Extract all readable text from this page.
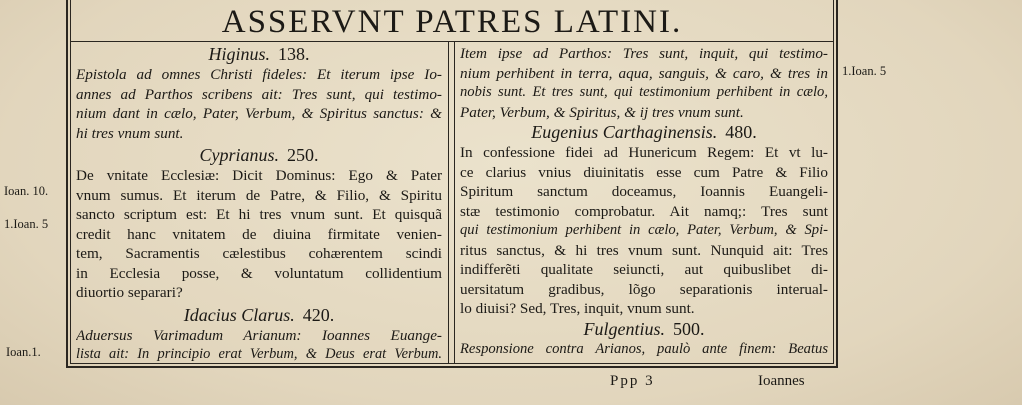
ASSERVNT PATRES LATINI.
Higinus. 138.
Epistola ad omnes Christi fideles: Et iterum ipse Io-
annes ad Parthos scribens ait: Tres sunt, qui testimo-
nium dant in cælo, Pater, Verbum, & Spiritus sanctus: &
hi tres vnum sunt.
Cyprianus. 250.
De vnitate Ecclesiæ: Dicit Dominus: Ego & Pater
vnum sumus. Et iterum de Patre, & Filio, & Spiritu
sancto scriptum est: Et hi tres vnum sunt. Et quisquã
credit hanc vnitatem de diuina firmitate venien-
tem, Sacramentis cælestibus cohærentem scindi
in Ecclesia posse, & voluntatum collidentium
diuortio separari?
Idacius Clarus. 420.
Aduersus Varimadum Arianum: Ioannes Euange-
lista ait: In principio erat Verbum, & Deus erat Verbum.
Item ipse ad Parthos: Tres sunt, inquit, qui testimo-
nium perhibent in terra, aqua, sanguis, & caro, & tres in
nobis sunt. Et tres sunt, qui testimonium perhibent in cælo,
Pater, Verbum, & Spiritus, & ij tres vnum sunt.
Eugenius Carthaginensis. 480.
In confessione fidei ad Hunericum Regem: Et vt lu-
ce clarius vnius diuinitatis esse cum Patre & Filio
Spiritum sanctum doceamus, Ioannis Euangeli-
stæ testimonio comprobatur. Ait namq;: Tres sunt
qui testimonium perhibent in cælo, Pater, Verbum, & Spi-
ritus sanctus, & hi tres vnum sunt. Nunquid ait: Tres
indifferẽti qualitate seiuncti, aut quibuslibet di-
uersitatum gradibus, lõgo separationis interual-
lo diuisi? Sed, Tres, inquit, vnum sunt.
Fulgentius. 500.
Responsione contra Arianos, paulò ante finem: Beatus
1.Ioan. 5
Ioan. 10.
1.Ioan. 5
Ioan.1.
Ppp 3	Ioannes
